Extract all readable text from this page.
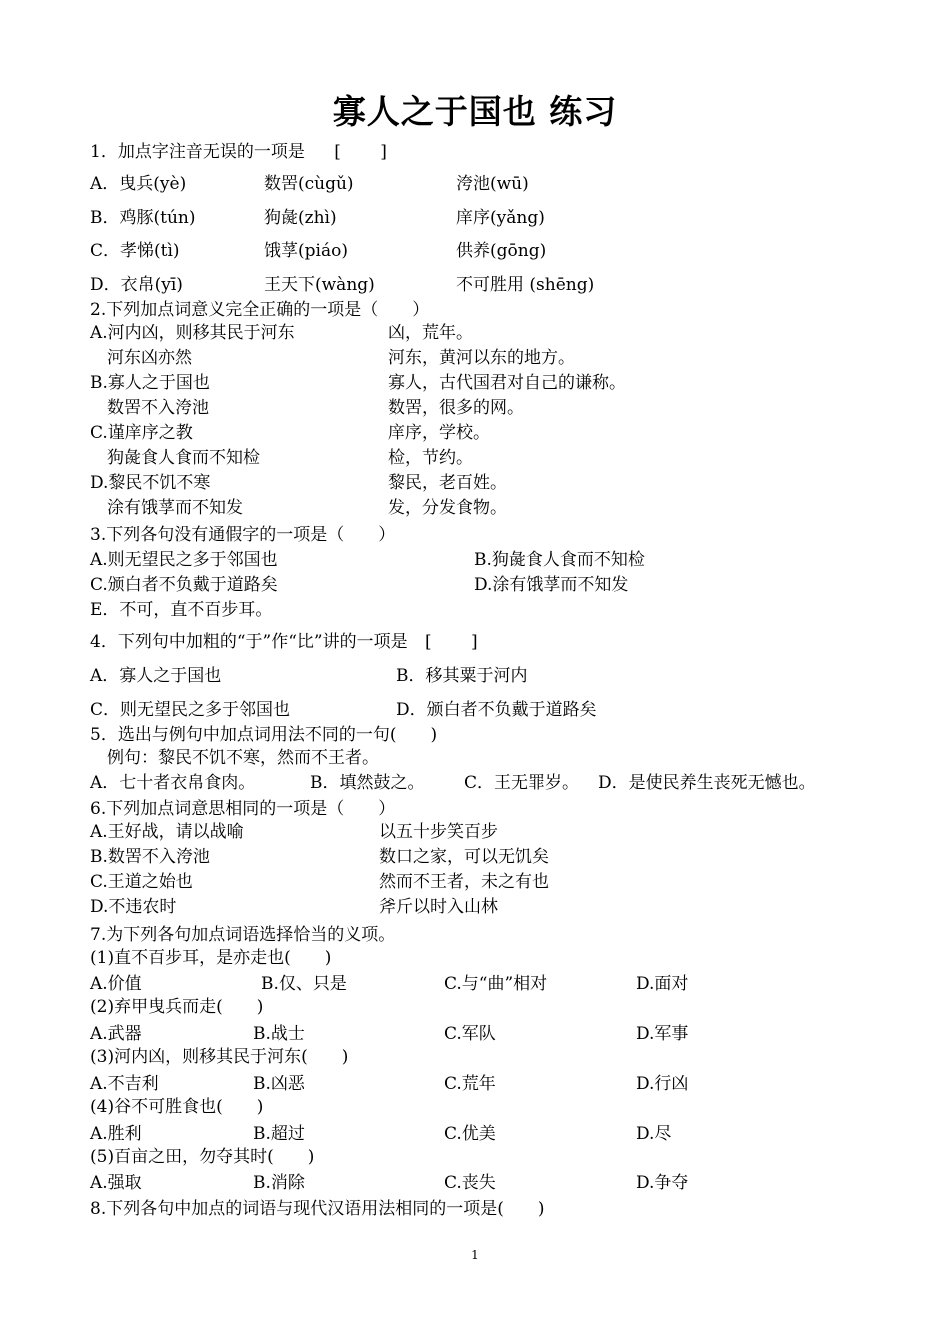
寡人之于国也 练习
1．加点字注音无误的一项是 [　　 ]
A．曳兵(yè)	数罟(cùgǔ)	洿池(wū)
B．鸡豚(tún)	狗彘(zhì)	庠序(yǎng)
C．孝悌(tì)	饿莩(piáo)	供养(gōng)
D．衣帛(yī)	王天下(wàng)	不可胜用 (shēng)
2.下列加点词意义完全正确的一项是（　　）
A.河内凶，则移其民于河东	凶，荒年。
　河东凶亦然	河东，黄河以东的地方。
B.寡人之于国也	寡人，古代国君对自己的谦称。
　数罟不入洿池	数罟，很多的网。
C.谨庠序之教	庠序，学校。
　狗彘食人食而不知检	检，节约。
D.黎民不饥不寒	黎民，老百姓。
　涂有饿莩而不知发	发，分发食物。
3.下列各句没有通假字的一项是（　　）
A.则无望民之多于邻国也	B.狗彘食人食而不知检
C.颁白者不负戴于道路矣	D.涂有饿莩而不知发
E．不可，直不百步耳。
4．下列句中加粗的“于”作“比”讲的一项是 [　　 ]
A．寡人之于国也	B．移其粟于河内
C．则无望民之多于邻国也	D．颁白者不负戴于道路矣
5．选出与例句中加点词用法不同的一句(　　)
　例句：黎民不饥不寒，然而不王者。
A．七十者衣帛食肉。	B．填然鼓之。 C．王无罪岁。 D．是使民养生丧死无憾也。
6.下列加点词意思相同的一项是（　　）
A.王好战，请以战喻	以五十步笑百步
B.数罟不入洿池	数口之家，可以无饥矣
C.王道之始也	然而不王者，未之有也
D.不违农时	斧斤以时入山林
7.为下列各句加点词语选择恰当的义项。
(1)直不百步耳，是亦走也(　　)
A.价值	B.仅、只是	C.与“曲”相对	D.面对
(2)弃甲曳兵而走(　　)
A.武器	B.战士	C.军队	D.军事
(3)河内凶，则移其民于河东(　　)
A.不吉利	B.凶恶	C.荒年	D.行凶
(4)谷不可胜食也(　　)
A.胜利	B.超过	C.优美	D.尽
(5)百亩之田，勿夺其时(　　)
A.强取	B.消除	C.丧失	D.争夺
8.下列各句中加点的词语与现代汉语用法相同的一项是(　　)
1
